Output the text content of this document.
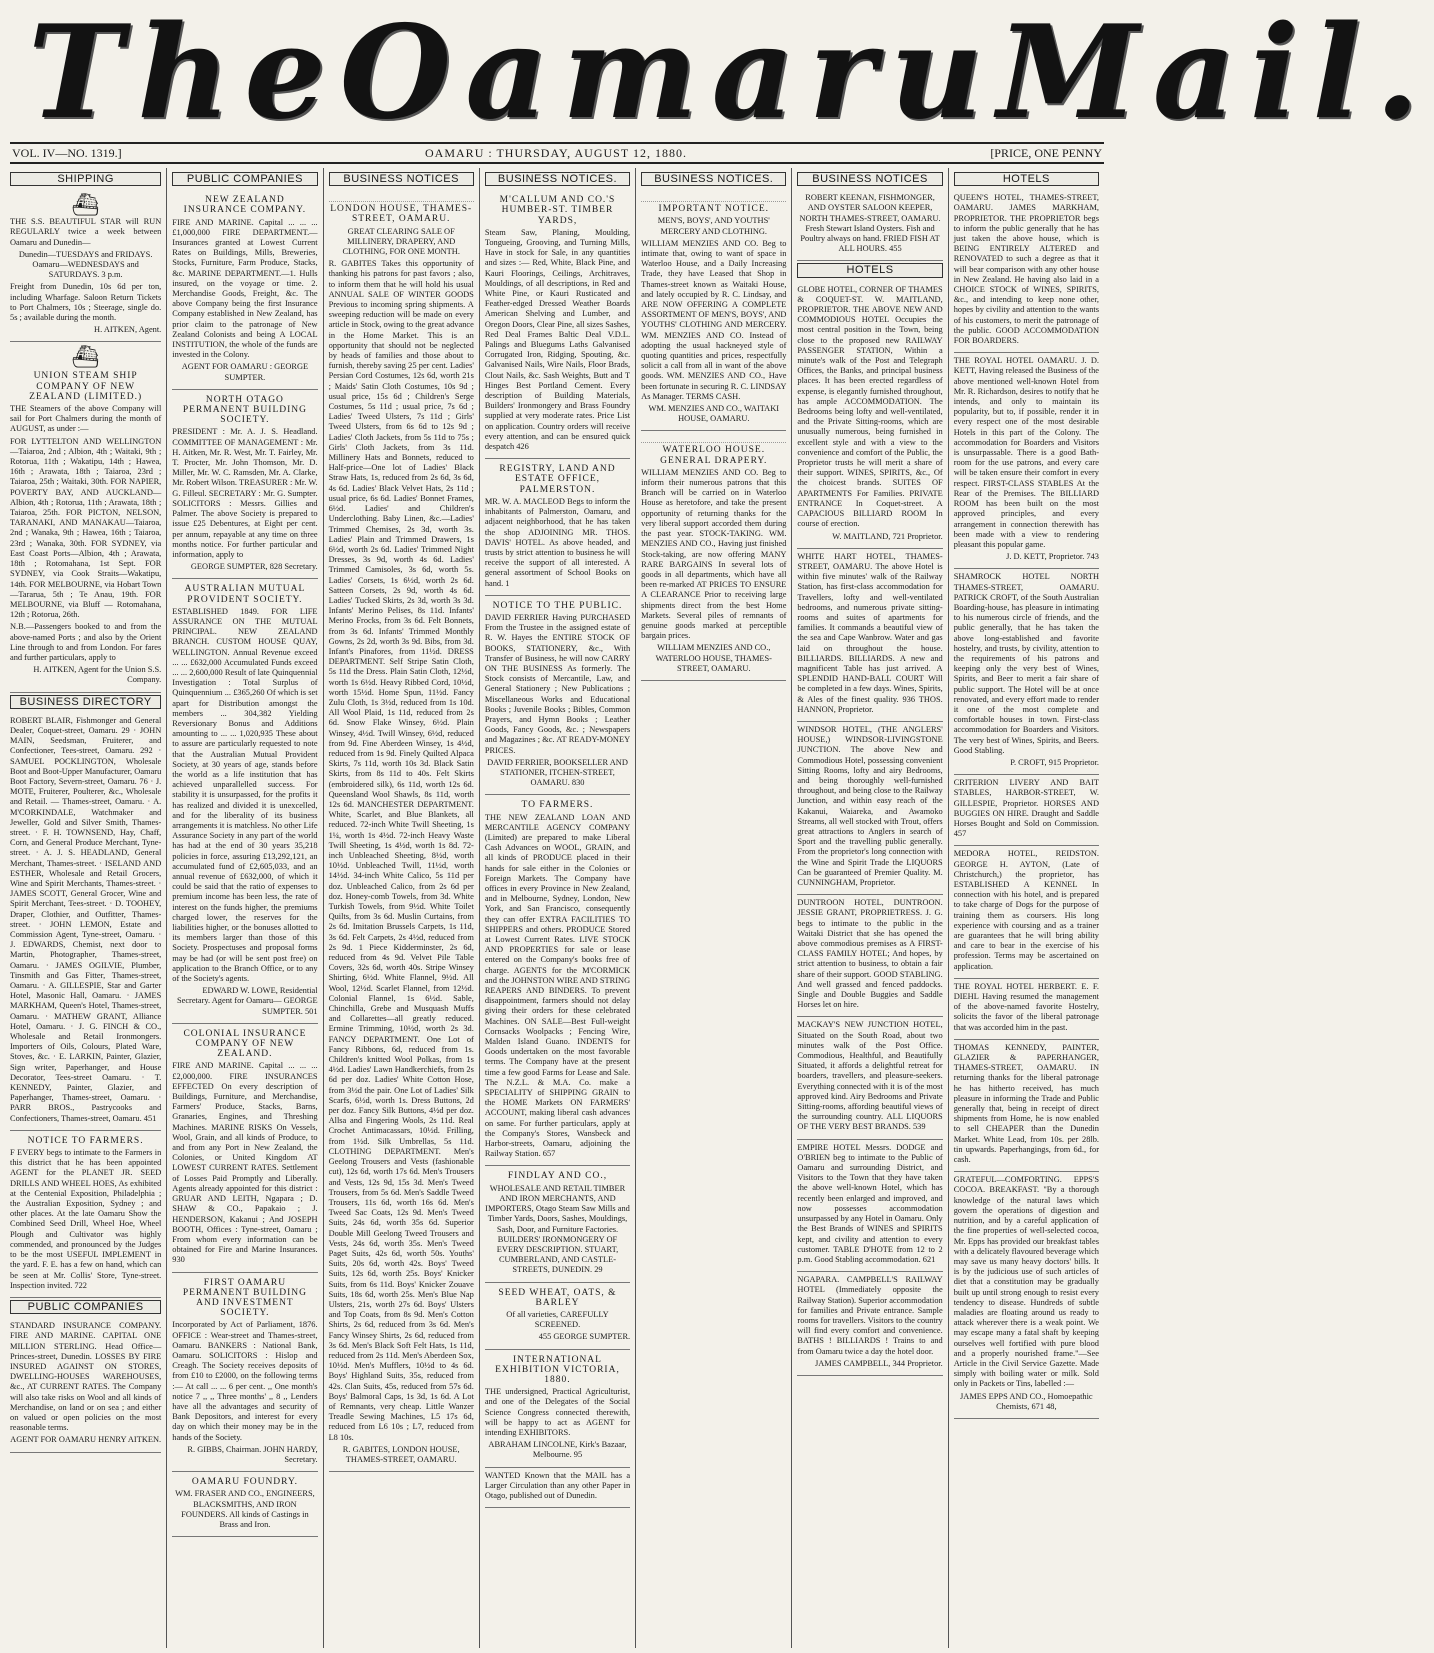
The Oamaru Mail.
VOL. IV—NO. 1319.]	OAMARU : THURSDAY, AUGUST 12, 1880.	[PRICE, ONE PENNY
SHIPPING
⛴

THE S.S. BEAUTIFUL STAR will RUN REGULARLY twice a week between Oamaru and Dunedin—

Dunedin—TUESDAYS and FRIDAYS. Oamaru—WEDNESDAYS and SATURDAYS. 3 p.m.

Freight from Dunedin, 10s 6d per ton, including Wharfage. Saloon Return Tickets to Port Chalmers, 10s ; Steerage, single do. 5s ; available during the month.

H. AITKEN, Agent.

⛴

UNION STEAM SHIP COMPANY OF NEW ZEALAND (LIMITED.)

THE Steamers of the above Company will sail for Port Chalmers during the month of AUGUST, as under :—

FOR LYTTELTON AND WELLINGTON —Taiaroa, 2nd ; Albion, 4th ; Waitaki, 9th ; Rotorua, 11th ; Wakatipu, 14th ; Hawea, 16th ; Arawata, 18th ; Taiaroa, 23rd ; Taiaroa, 25th ; Waitaki, 30th. FOR NAPIER, POVERTY BAY, AND AUCKLAND—Albion, 4th ; Rotorua, 11th ; Arawata, 18th ; Taiaroa, 25th. FOR PICTON, NELSON, TARANAKI, AND MANAKAU—Taiaroa, 2nd ; Wanaka, 9th ; Hawea, 16th ; Taiaroa, 23rd ; Wanaka, 30th. FOR SYDNEY, via East Coast Ports—Albion, 4th ; Arawata, 18th ; Rotomahana, 1st Sept. FOR SYDNEY, via Cook Straits—Wakatipu, 14th. FOR MELBOURNE, via Hobart Town—Tararua, 5th ; Te Anau, 19th. FOR MELBOURNE, via Bluff — Rotomahana, 12th ; Rotorua, 26th.

N.B.—Passengers booked to and from the above-named Ports ; and also by the Orient Line through to and from London. For fares and further particulars, apply to

H. AITKEN, Agent for the Union S.S. Company.

BUSINESS DIRECTORY

ROBERT BLAIR, Fishmonger and General Dealer, Coquet-street, Oamaru. 29 · JOHN MAIN, Seedsman, Fruiterer, and Confectioner, Tees-street, Oamaru. 292 · SAMUEL POCKLINGTON, Wholesale Boot and Boot-Upper Manufacturer, Oamaru Boot Factory, Severn-street, Oamaru. 76 · J. MOTE, Fruiterer, Poulterer, &c., Wholesale and Retail. — Thames-street, Oamaru. · A. M'CORKINDALE, Watchmaker and Jeweller, Gold and Silver Smith, Thames-street. · F. H. TOWNSEND, Hay, Chaff, Corn, and General Produce Merchant, Tyne-street. · A. J. S. HEADLAND, General Merchant, Thames-street. · ISELAND AND ESTHER, Wholesale and Retail Grocers, Wine and Spirit Merchants, Thames-street. · JAMES SCOTT, General Grocer, Wine and Spirit Merchant, Tees-street. · D. TOOHEY, Draper, Clothier, and Outfitter, Thames-street. · JOHN LEMON, Estate and Commission Agent, Tyne-street, Oamaru. · J. EDWARDS, Chemist, next door to Martin, Photographer, Thames-street, Oamaru. · JAMES OGILVIE, Plumber, Tinsmith and Gas Fitter, Thames-street, Oamaru. · A. GILLESPIE, Star and Garter Hotel, Masonic Hall, Oamaru. · JAMES MARKHAM, Queen's Hotel, Thames-street, Oamaru. · MATHEW GRANT, Alliance Hotel, Oamaru. · J. G. FINCH & CO., Wholesale and Retail Ironmongers. Importers of Oils, Colours, Plated Ware, Stoves, &c. · E. LARKIN, Painter, Glazier, Sign writer, Paperhanger, and House Decorator, Tees-street Oamaru. · T. KENNEDY, Painter, Glazier, and Paperhanger, Thames-street, Oamaru. · PARR BROS., Pastrycooks and Confectioners, Thames-street, Oamaru. 451

NOTICE TO FARMERS.

F EVERY begs to intimate to the Farmers in this district that he has been appointed AGENT for the PLANET JR. SEED DRILLS AND WHEEL HOES, As exhibited at the Centenial Exposition, Philadelphia ; the Australian Exposition, Sydney ; and other places. At the late Oamaru Show the Combined Seed Drill, Wheel Hoe, Wheel Plough and Cultivator was highly commended, and pronounced by the Judges to be the most USEFUL IMPLEMENT in the yard. F. E. has a few on hand, which can be seen at Mr. Collis' Store, Tyne-street. Inspection invited. 722

PUBLIC COMPANIES

STANDARD INSURANCE COMPANY. FIRE AND MARINE. CAPITAL ONE MILLION STERLING. Head Office—Princes-street, Dunedin. LOSSES BY FIRE INSURED AGAINST ON STORES, DWELLING-HOUSES WAREHOUSES, &c., AT CURRENT RATES. The Company will also take risks on Wool and all kinds of Merchandise, on land or on sea ; and either on valued or open policies on the most reasonable terms.

AGENT FOR OAMARU HENRY AITKEN.

PUBLIC COMPANIES

NEW ZEALAND INSURANCE COMPANY.

FIRE AND MARINE. Capital ... ... ... £1,000,000 FIRE DEPARTMENT.—Insurances granted at Lowest Current Rates on Buildings, Mills, Breweries, Stocks, Furniture, Farm Produce, Stacks, &c. MARINE DEPARTMENT.—1. Hulls insured, on the voyage or time. 2. Merchandise Goods, Freight, &c. The above Company being the first Insurance Company established in New Zealand, has prior claim to the patronage of New Zealand Colonists and being A LOCAL INSTITUTION, the whole of the funds are invested in the Colony.

AGENT FOR OAMARU : GEORGE SUMPTER.

NORTH OTAGO PERMANENT BUILDING SOCIETY.

PRESIDENT : Mr. A. J. S. Headland. COMMITTEE OF MANAGEMENT : Mr. H. Aitken, Mr. R. West, Mr. T. Fairley, Mr. T. Procter, Mr. John Thomson, Mr. D. Miller, Mr. W. C. Ramsden, Mr. A. Clarke, Mr. Robert Wilson. TREASURER : Mr. W. G. Filleul. SECRETARY : Mr. G. Sumpter. SOLICITORS : Messrs. Gillies and Palmer. The above Society is prepared to issue £25 Debentures, at Eight per cent. per annum, repayable at any time on three months notice. For further particular and information, apply to

GEORGE SUMPTER, 828 Secretary.

AUSTRALIAN MUTUAL PROVIDENT SOCIETY.

ESTABLISHED 1849. FOR LIFE ASSURANCE ON THE MUTUAL PRINCIPAL. NEW ZEALAND BRANCH. CUSTOM HOUSE QUAY, WELLINGTON. Annual Revenue exceed ... ... £632,000 Accumulated Funds exceed ... ... 2,600,000 Result of late Quinquennial Investigation : Total Surplus of Quinquennium ... £365,260 Of which is set apart for Distribution amongst the members ... 304,382 Yielding Reversionary Bonus and Additions amounting to ... ... 1,020,935 These about to assure are particularly requested to note that the Australian Mutual Provident Society, at 30 years of age, stands before the world as a life institution that has achieved unparallelled success. For stability it is unsurpassed, for the profits it has realized and divided it is unexcelled, and for the liberality of its business arrangements it is matchless. No other Life Assurance Society in any part of the world has had at the end of 30 years 35,218 policies in force, assuring £13,292,121, an accumulated fund of £2,605,033, and an annual revenue of £632,000, of which it could be said that the ratio of expenses to premium income has been less, the rate of interest on the funds higher, the premiums charged lower, the reserves for the liabilities higher, or the bonuses allotted to its members larger than those of this Society. Prospectuses and proposal forms may be had (or will be sent post free) on application to the Branch Office, or to any of the Society's agents.

EDWARD W. LOWE, Residential Secretary. Agent for Oamaru— GEORGE SUMPTER. 501

COLONIAL INSURANCE COMPANY OF NEW ZEALAND.

FIRE AND MARINE. Capital ... ... ... £2,000,000. FIRE INSURANCES EFFECTED On every description of Buildings, Furniture, and Merchandise, Farmers' Produce, Stacks, Barns, Granaries, Engines, and Threshing Machines. MARINE RISKS On Vessels, Wool, Grain, and all kinds of Produce, to and from any Port in New Zealand, the Colonies, or United Kingdom AT LOWEST CURRENT RATES. Settlement of Losses Paid Promptly and Liberally. Agents already appointed for this district : GRUAR AND LEITH, Ngapara ; D. SHAW & CO., Papakaio ; J. HENDERSON, Kakanui ; And JOSEPH BOOTH, Offices : Tyne-street, Oamaru ; From whom every information can be obtained for Fire and Marine Insurances. 930

FIRST OAMARU PERMANENT BUILDING AND INVESTMENT SOCIETY.

Incorporated by Act of Parliament, 1876. OFFICE : Wear-street and Thames-street, Oamaru. BANKERS : National Bank, Oamaru. SOLICITORS : Hislop and Creagh. The Society receives deposits of from £10 to £2000, on the following terms :— At call ... ... 6 per cent. ,, One month's notice 7 ,, ,, Three months' ,, 8 ,, Lenders have all the advantages and security of Bank Depositors, and interest for every day on which their money may be in the hands of the Society.

R. GIBBS, Chairman. JOHN HARDY, Secretary.

OAMARU FOUNDRY.

WM. FRASER AND CO., ENGINEERS, BLACKSMITHS, AND IRON FOUNDERS. All kinds of Castings in Brass and Iron.

BUSINESS NOTICES

LONDON HOUSE, THAMES-STREET, OAMARU.

GREAT CLEARING SALE OF MILLINERY, DRAPERY, AND CLOTHING, FOR ONE MONTH.

R. GABITES Takes this opportunity of thanking his patrons for past favors ; also, to inform them that he will hold his usual ANNUAL SALE OF WINTER GOODS Previous to incoming spring shipments. A sweeping reduction will be made on every article in Stock, owing to the great advance in the Home Market. This is an opportunity that should not be neglected by heads of families and those about to furnish, thereby saving 25 per cent. Ladies' Persian Cord Costumes, 12s 6d, worth 21s ; Maids' Satin Cloth Costumes, 10s 9d ; usual price, 15s 6d ; Children's Serge Costumes, 5s 11d ; usual price, 7s 6d ; Ladies' Tweed Ulsters, 7s 11d ; Girls' Tweed Ulsters, from 6s 6d to 12s 9d ; Ladies' Cloth Jackets, from 5s 11d to 75s ; Girls' Cloth Jackets, from 3s 11d. Millinery Hats and Bonnets, reduced to Half-price—One lot of Ladies' Black Straw Hats, 1s, reduced from 2s 6d, 3s 6d, 4s 6d. Ladies' Black Velvet Hats, 2s 11d ; usual price, 6s 6d. Ladies' Bonnet Frames, 6½d. Ladies' and Children's Underclothing. Baby Linen, &c.—Ladies' Trimmed Chemises, 2s 3d, worth 3s. Ladies' Plain and Trimmed Drawers, 1s 6½d, worth 2s 6d. Ladies' Trimmed Night Dresses, 3s 9d, worth 4s 6d. Ladies' Trimmed Camisoles, 3s 6d, worth 5s. Ladies' Corsets, 1s 6½d, worth 2s 6d. Satteen Corsets, 2s 9d, worth 4s 6d. Ladies' Tucked Skirts, 2s 3d, worth 3s 3d. Infants' Merino Pelises, 8s 11d. Infants' Merino Frocks, from 3s 6d. Felt Bonnets, from 3s 6d. Infants' Trimmed Monthly Gowns, 2s 2d, worth 3s 9d. Bibs, from 3d. Infant's Pinafores, from 11½d. DRESS DEPARTMENT. Self Stripe Satin Cloth, 5s 11d the Dress. Plain Satin Cloth, 12½d, worth 1s 6½d. Heavy Ribbed Cord, 10½d, worth 15½d. Home Spun, 11½d. Fancy Zulu Cloth, 1s 3½d, reduced from 1s 10d. All Wool Plaid, 1s 11d, reduced from 2s 6d. Snow Flake Winsey, 6½d. Plain Winsey, 4½d. Twill Winsey, 6½d, reduced from 9d. Fine Aberdeen Winsey, 1s 4½d, reduced from 1s 9d. Finely Quilted Alpaca Skirts, 7s 11d, worth 10s 3d. Black Satin Skirts, from 8s 11d to 40s. Felt Skirts (embroidered silk), 6s 11d, worth 12s 6d. Queensland Wool Shawls, 8s 11d, worth 12s 6d. MANCHESTER DEPARTMENT. White, Scarlet, and Blue Blankets, all reduced. 72-inch White Twill Sheeting, 1s 1¼, worth 1s 4½d. 72-inch Heavy Waste Twill Sheeting, 1s 4½d, worth 1s 8d. 72-inch Unbleached Sheeting, 8½d, worth 10½d. Unbleached Twill, 11½d, worth 14½d. 34-inch White Calico, 5s 11d per doz. Unbleached Calico, from 2s 6d per doz. Honey-comb Towels, from 3d. White Turkish Towels, from 9½d. White Toilet Quilts, from 3s 6d. Muslin Curtains, from 2s 6d. Imitation Brussels Carpets, 1s 11d, 3s 6d. Felt Carpets, 2s 4½d, reduced from 2s 9d. 1 Piece Kidderminster, 2s 6d, reduced from 4s 9d. Velvet Pile Table Covers, 32s 6d, worth 40s. Stripe Winsey Shirting, 6½d. White Flannel, 9½d. All Wool, 12½d. Scarlet Flannel, from 12½d. Colonial Flannel, 1s 6½d. Sable, Chinchilla, Grebe and Musquash Muffs and Collarettes—all greatly reduced. Ermine Trimming, 10½d, worth 2s 3d. FANCY DEPARTMENT. One Lot of Fancy Ribbons, 6d, reduced from 1s. Children's knitted Wool Polkas, from 1s 4½d. Ladies' Lawn Handkerchiefs, from 2s 6d per doz. Ladies' White Cotton Hose, from 3½d the pair. One Lot of Ladies' Silk Scarfs, 6½d, worth 1s. Dress Buttons, 2d per doz. Fancy Silk Buttons, 4½d per doz. Allsa and Fingering Wools, 2s 11d. Real Crochet Antimacassars, 10½d. Frilling, from 1½d. Silk Umbrellas, 5s 11d. CLOTHING DEPARTMENT. Men's Geelong Trousers and Vests (fashionable cut), 12s 6d, worth 17s 6d. Men's Trousers and Vests, 12s 9d, 15s 3d. Men's Tweed Trousers, from 5s 6d. Men's Saddle Tweed Trousers, 11s 6d, worth 16s 6d. Men's Tweed Sac Coats, 12s 9d. Men's Tweed Suits, 24s 6d, worth 35s 6d. Superior Double Mill Geelong Tweed Trousers and Vests, 24s 6d, worth 35s. Men's Tweed Paget Suits, 42s 6d, worth 50s. Youths' Suits, 20s 6d, worth 42s. Boys' Tweed Suits, 12s 6d, worth 25s. Boys' Knicker Suits, from 6s 11d. Boys' Knicker Zouave Suits, 18s 6d, worth 25s. Men's Blue Nap Ulsters, 21s, worth 27s 6d. Boys' Ulsters and Top Coats, from 8s 9d. Men's Cotton Shirts, 2s 6d, reduced from 3s 6d. Men's Fancy Winsey Shirts, 2s 6d, reduced from 3s 6d. Men's Black Soft Felt Hats, 1s 11d, reduced from 2s 11d. Men's Aberdeen Sox, 10½d. Men's Mufflers, 10½d to 4s 6d. Boys' Highland Suits, 35s, reduced from 42s. Clan Suits, 45s, reduced from 57s 6d. Boys' Balmoral Caps, 1s 3d, 1s 6d. A Lot of Remnants, very cheap. Little Wanzer Treadle Sewing Machines, L5 17s 6d, reduced from L6 10s ; L7, reduced from L8 10s.

R. GABITES, LONDON HOUSE, THAMES-STREET, OAMARU.

BUSINESS NOTICES.

M'CALLUM AND CO.'S HUMBER-ST. TIMBER YARDS,

Steam Saw, Planing, Moulding, Tongueing, Grooving, and Turning Mills, Have in stock for Sale, in any quantities and sizes :— Red, White, Black Pine, and Kauri Floorings, Ceilings, Architraves, Mouldings, of all descriptions, in Red and White Pine, or Kauri Rusticated and Feather-edged Dressed Weather Boards American Shelving and Lumber, and Oregon Doors, Clear Pine, all sizes Sashes, Red Deal Frames Baltic Deal V.D.L. Palings and Bluegums Laths Galvanised Corrugated Iron, Ridging, Spouting, &c. Galvanised Nails, Wire Nails, Floor Brads, Clout Nails, &c. Sash Weights, Butt and T Hinges Best Portland Cement. Every description of Building Materials, Builders' Ironmongery and Brass Foundry supplied at very moderate rates. Price List on application. Country orders will receive every attention, and can be ensured quick despatch 426

REGISTRY, LAND AND ESTATE OFFICE, PALMERSTON.

MR. W. A. MACLEOD Begs to inform the inhabitants of Palmerston, Oamaru, and adjacent neighborhood, that he has taken the shop ADJOINING MR. THOS. DAVIS' HOTEL. As above headed, and trusts by strict attention to business he will receive the support of all interested. A general assortment of School Books on hand. 1

NOTICE TO THE PUBLIC.

DAVID FERRIER Having PURCHASED From the Trustee in the assigned estate of R. W. Hayes the ENTIRE STOCK OF BOOKS, STATIONERY, &c., With Transfer of Business, he will now CARRY ON THE BUSINESS As formerly. The Stock consists of Mercantile, Law, and General Stationery ; New Publications ; Miscellaneous Works and Educational Books ; Juvenile Books ; Bibles, Common Prayers, and Hymn Books ; Leather Goods, Fancy Goods, &c. ; Newspapers and Magazines ; &c. AT READY-MONEY PRICES.

DAVID FERRIER, BOOKSELLER AND STATIONER, ITCHEN-STREET, OAMARU. 830

TO FARMERS.

THE NEW ZEALAND LOAN AND MERCANTILE AGENCY COMPANY (Limited) are prepared to make Liberal Cash Advances on WOOL, GRAIN, and all kinds of PRODUCE placed in their hands for sale either in the Colonies or Foreign Markets. The Company have offices in every Province in New Zealand, and in Melbourne, Sydney, London, New York, and San Francisco, consequently they can offer EXTRA FACILITIES TO SHIPPERS and others. PRODUCE Stored at Lowest Current Rates. LIVE STOCK AND PROPERTIES for sale or lease entered on the Company's books free of charge. AGENTS for the M'CORMICK and the JOHNSTON WIRE AND STRING REAPERS AND BINDERS. To prevent disappointment, farmers should not delay giving their orders for these celebrated Machines. ON SALE—Best Full-weight Cornsacks Woolpacks ; Fencing Wire, Malden Island Guano. INDENTS for Goods undertaken on the most favorable terms. The Company have at the present time a few good Farms for Lease and Sale. The N.Z.L. & M.A. Co. make a SPECIALITY of SHIPPING GRAIN to the HOME Markets ON FARMERS' ACCOUNT, making liberal cash advances on same. For further particulars, apply at the Company's Stores, Wansbeck and Harbor-streets, Oamaru, adjoining the Railway Station. 657

FINDLAY AND CO.,

WHOLESALE AND RETAIL TIMBER AND IRON MERCHANTS, AND IMPORTERS, Otago Steam Saw Mills and Timber Yards, Doors, Sashes, Mouldings, Sash, Door, and Furniture Factories. BUILDERS' IRONMONGERY OF EVERY DESCRIPTION. STUART, CUMBERLAND, AND CASTLE-STREETS, DUNEDIN. 29

SEED WHEAT, OATS, & BARLEY

Of all varieties, CAREFULLY SCREENED.

455 GEORGE SUMPTER.

INTERNATIONAL EXHIBITION VICTORIA, 1880.

THE undersigned, Practical Agriculturist, and one of the Delegates of the Social Science Congress connected therewith, will be happy to act as AGENT for intending EXHIBITORS.

ABRAHAM LINCOLNE, Kirk's Bazaar, Melbourne. 95

WANTED Known that the MAIL has a Larger Circulation than any other Paper in Otago, published out of Dunedin.

BUSINESS NOTICES.

IMPORTANT NOTICE.

MEN'S, BOYS', AND YOUTHS' MERCERY AND CLOTHING.

WILLIAM MENZIES AND CO. Beg to intimate that, owing to want of space in Waterloo House, and a Daily Increasing Trade, they have Leased that Shop in Thames-street known as Waitaki House, and lately occupied by R. C. Lindsay, and ARE NOW OFFERING A COMPLETE ASSORTMENT OF MEN'S, BOYS', AND YOUTHS' CLOTHING AND MERCERY. WM. MENZIES AND CO. Instead of adopting the usual hackneyed style of quoting quantities and prices, respectfully solicit a call from all in want of the above goods. WM. MENZIES AND CO., Have been fortunate in securing R. C. LINDSAY As Manager. TERMS CASH.

WM. MENZIES AND CO., WAITAKI HOUSE, OAMARU.

WATERLOO HOUSE. GENERAL DRAPERY.

WILLIAM MENZIES AND CO. Beg to inform their numerous patrons that this Branch will be carried on in Waterloo House as heretofore, and take the present opportunity of returning thanks for the very liberal support accorded them during the past year. STOCK-TAKING. WM. MENZIES AND CO., Having just finished Stock-taking, are now offering MANY RARE BARGAINS In several lots of goods in all departments, which have all been re-marked AT PRICES TO ENSURE A CLEARANCE Prior to receiving large shipments direct from the best Home Markets. Several piles of remnants of genuine goods marked at perceptible bargain prices.

WILLIAM MENZIES AND CO., WATERLOO HOUSE, THAMES-STREET, OAMARU.

BUSINESS NOTICES

ROBERT KEENAN, FISHMONGER, AND OYSTER SALOON KEEPER, NORTH THAMES-STREET, OAMARU. Fresh Stewart Island Oysters. Fish and Poultry always on hand. FRIED FISH AT ALL HOURS. 455

HOTELS

GLOBE HOTEL, CORNER OF THAMES & COQUET-ST. W. MAITLAND, PROPRIETOR. THE ABOVE NEW AND COMMODIOUS HOTEL Occupies the most central position in the Town, being close to the proposed new RAILWAY PASSENGER STATION, Within a minute's walk of the Post and Telegraph Offices, the Banks, and principal business places. It has been erected regardless of expense, is elegantly furnished throughout, has ample ACCOMMODATION. The Bedrooms being lofty and well-ventilated, and the Private Sitting-rooms, which are unusually numerous, being furnished in excellent style and with a view to the convenience and comfort of the Public, the Proprietor trusts he will merit a share of their support. WINES, SPIRITS, &c., Of the choicest brands. SUITES OF APARTMENTS For Families. PRIVATE ENTRANCE In Coquet-street. A CAPACIOUS BILLIARD ROOM In course of erection.

W. MAITLAND, 721 Proprietor.

WHITE HART HOTEL, THAMES-STREET, OAMARU. The above Hotel is within five minutes' walk of the Railway Station, has first-class accommodation for Travellers, lofty and well-ventilated bedrooms, and numerous private sitting-rooms and suites of apartments for families. It commands a beautiful view of the sea and Cape Wanbrow. Water and gas laid on throughout the house. BILLIARDS. BILLIARDS. A new and magnificent Table has just arrived. A SPLENDID HAND-BALL COURT Will be completed in a few days. Wines, Spirits, & Ales of the finest quality. 936 THOS. HANNON, Proprietor.

WINDSOR HOTEL, (THE ANGLERS' HOUSE,) WINDSOR-LIVINGSTONE JUNCTION. The above New and Commodious Hotel, possessing convenient Sitting Rooms, lofty and airy Bedrooms, and being thoroughly well-furnished throughout, and being close to the Railway Junction, and within easy reach of the Kakanui, Waiareka, and Awamoko Streams, all well stocked with Trout, offers great attractions to Anglers in search of Sport and the travelling public generally. From the proprietor's long connection with the Wine and Spirit Trade the LIQUORS Can be guaranteed of Premier Quality. M. CUNNINGHAM, Proprietor.

DUNTROON HOTEL, DUNTROON. JESSIE GRANT, PROPRIETRESS. J. G. begs to intimate to the public in the Waitaki District that she has opened the above commodious premises as A FIRST-CLASS FAMILY HOTEL; And hopes, by strict attention to business, to obtain a fair share of their support. GOOD STABLING. And well grassed and fenced paddocks. Single and Double Buggies and Saddle Horses let on hire.

MACKAY'S NEW JUNCTION HOTEL, Situated on the South Road, about two minutes walk of the Post Office. Commodious, Healthful, and Beautifully Situated, it affords a delightful retreat for boarders, travellers, and pleasure-seekers. Everything connected with it is of the most approved kind. Airy Bedrooms and Private Sitting-rooms, affording beautiful views of the surrounding country. ALL LIQUORS OF THE VERY BEST BRANDS. 539

EMPIRE HOTEL Messrs. DODGE and O'BRIEN beg to intimate to the Public of Oamaru and surrounding District, and Visitors to the Town that they have taken the above well-known Hotel, which has recently been enlarged and improved, and now possesses accommodation unsurpassed by any Hotel in Oamaru. Only the Best Brands of WINES and SPIRITS kept, and civility and attention to every customer. TABLE D'HOTE from 12 to 2 p.m. Good Stabling accommodation. 621

NGAPARA. CAMPBELL'S RAILWAY HOTEL (Immediately opposite the Railway Station). Superior accommodation for families and Private entrance. Sample rooms for travellers. Visitors to the country will find every comfort and convenience. BATHS ! BILLIARDS ! Trains to and from Oamaru twice a day the hotel door.

JAMES CAMPBELL, 344 Proprietor.

HOTELS

QUEEN'S HOTEL, THAMES-STREET, OAMARU. JAMES MARKHAM, PROPRIETOR. THE PROPRIETOR begs to inform the public generally that he has just taken the above house, which is BEING ENTIRELY ALTERED and RENOVATED to such a degree as that it will bear comparison with any other house in New Zealand. He having also laid in a CHOICE STOCK of WINES, SPIRITS, &c., and intending to keep none other, hopes by civility and attention to the wants of his customers, to merit the patronage of the public. GOOD ACCOMMODATION FOR BOARDERS.

THE ROYAL HOTEL OAMARU. J. D. KETT, Having released the Business of the above mentioned well-known Hotel from Mr. R. Richardson, desires to notify that he intends, and only to maintain its popularity, but to, if possible, render it in every respect one of the most desirable Hotels in this part of the Colony. The accommodation for Boarders and Visitors is unsurpassable. There is a good Bath-room for the use patrons, and every care will be taken ensure their comfort in every respect. FIRST-CLASS STABLES At the Rear of the Premises. The BILLIARD ROOM has been built on the most approved principles, and every arrangement in connection therewith has been made with a view to rendering pleasant this popular game.

J. D. KETT, Proprietor. 743

SHAMROCK HOTEL NORTH THAMES-STREET, OAMARU. PATRICK CROFT, of the South Australian Boarding-house, has pleasure in intimating to his numerous circle of friends, and the public generally, that he has taken the above long-established and favorite hostelry, and trusts, by civility, attention to the requirements of his patrons and keeping only the very best of Wines, Spirits, and Beer to merit a fair share of public support. The Hotel will be at once renovated, and every effort made to render it one of the most complete and comfortable houses in town. First-class accommodation for Boarders and Visitors. The very best of Wines, Spirits, and Beers. Good Stabling.

P. CROFT, 915 Proprietor.

CRITERION LIVERY AND BAIT STABLES, HARBOR-STREET, W. GILLESPIE, Proprietor. HORSES AND BUGGIES ON HIRE. Draught and Saddle Horses Bought and Sold on Commission. 457

MEDORA HOTEL, REIDSTON. GEORGE H. AYTON, (Late of Christchurch,) the proprietor, has ESTABLISHED A KENNEL In connection with his hotel, and is prepared to take charge of Dogs for the purpose of training them as coursers. His long experience with coursing and as a trainer are guarantees that he will bring ability and care to bear in the exercise of his profession. Terms may be ascertained on application.

THE ROYAL HOTEL HERBERT. E. F. DIEHL Having resumed the management of the above-named favorite Hostelry, solicits the favor of the liberal patronage that was accorded him in the past.

THOMAS KENNEDY, PAINTER, GLAZIER & PAPERHANGER, THAMES-STREET, OAMARU. IN returning thanks for the liberal patronage he has hitherto received, has much pleasure in informing the Trade and Public generally that, being in receipt of direct shipments from Home, he is now enabled to sell CHEAPER than the Dunedin Market. White Lead, from 10s. per 28lb. tin upwards. Paperhangings, from 6d., for cash.

GRATEFUL—COMFORTING. EPPS'S COCOA. BREAKFAST. "By a thorough knowledge of the natural laws which govern the operations of digestion and nutrition, and by a careful application of the fine properties of well-selected cocoa, Mr. Epps has provided our breakfast tables with a delicately flavoured beverage which may save us many heavy doctors' bills. It is by the judicious use of such articles of diet that a constitution may be gradually built up until strong enough to resist every tendency to disease. Hundreds of subtle maladies are floating around us ready to attack wherever there is a weak point. We may escape many a fatal shaft by keeping ourselves well fortified with pure blood and a properly nourished frame."—See Article in the Civil Service Gazette. Made simply with boiling water or milk. Sold only in Packets or Tins, labelled :—

JAMES EPPS AND CO., Homoepathic Chemists, 671 48,
